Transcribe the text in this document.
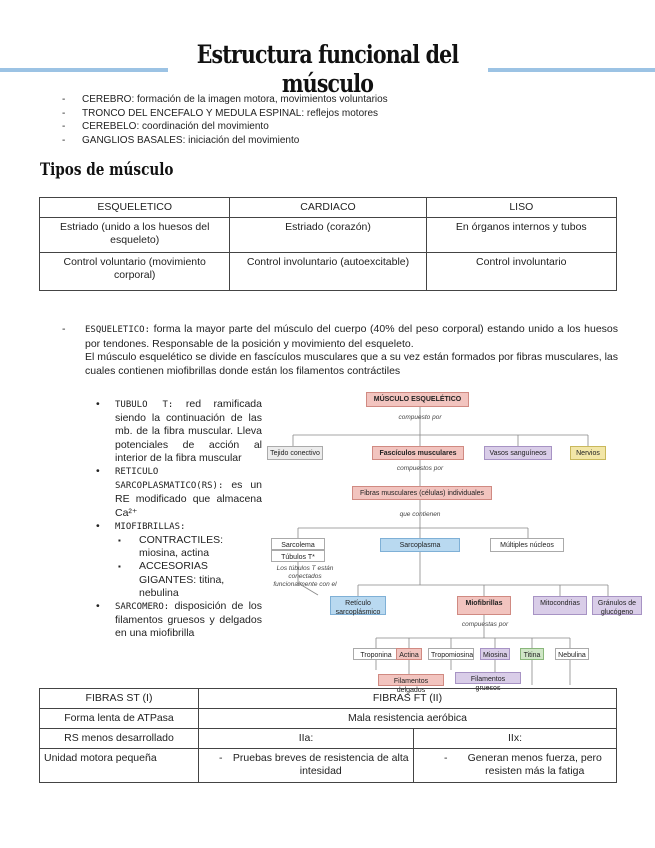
Estructura funcional del músculo
- CEREBRO: formación de la imagen motora, movimientos voluntarios
- TRONCO DEL ENCEFALO Y MEDULA ESPINAL: reflejos motores
- CEREBELO: coordinación del movimiento
- GANGLIOS BASALES: iniciación del movimiento
Tipos de músculo
ESQUELETICO	CARDIACO	LISO
Estriado (unido a los huesos del esqueleto)	Estriado (corazón)	En órganos internos y tubos
Control voluntario (movimiento corporal)	Control involuntario (autoexcitable)	Control involuntario
-	ESQUELETICO: forma la mayor parte del músculo del cuerpo (40% del peso corporal) estando unido a los huesos por tendones. Responsable de la posición y movimiento del esqueleto.
El músculo esquelético se divide en fascículos musculares que a su vez están formados por fibras musculares, las cuales contienen miofibrillas donde están los filamentos contráctiles
• TUBULO T: red ramificada siendo la continuación de las mb. de la fibra muscular. Lleva potenciales de acción al interior de la fibra muscular
• RETICULO SARCOPLASMATICO(RS): es un RE modificado que almacena Ca²⁺
• MIOFIBRILLAS:
▪ CONTRACTILES:
miosina, actina
▪ ACCESORIAS GIGANTES: titina, nebulina
• SARCOMERO: disposición de los filamentos gruesos y delgados en una miofibrilla
MÚSCULO ESQUELÉTICO
compuesto por
Tejido conectivo	Fascículos musculares	Vasos sanguíneos	Nervios
compuestos por
Fibras musculares (células) individuales
que contienen
Sarcolema
Túbulos T*
Sarcoplasma	Múltiples núcleos
Los túbulos T están conectados funcionalmente con el
Retículo sarcoplásmico
Miofibrillas	Mitocondrias	Gránulos de glucógeno
compuestas por
Troponina	Actina	Tropomiosina	Miosina	Titina	Nebulina
Filamentos delgados
Filamentos gruesos
FIBRAS ST (I)	FIBRAS FT (II)	
Forma lenta de ATPasa	Mala resistencia aeróbica	
RS menos desarrollado	IIa:	IIx:
Unidad motora pequeña	- Pruebas breves de resistencia de alta intesidad	- Generan menos fuerza, pero resisten más la fatiga
